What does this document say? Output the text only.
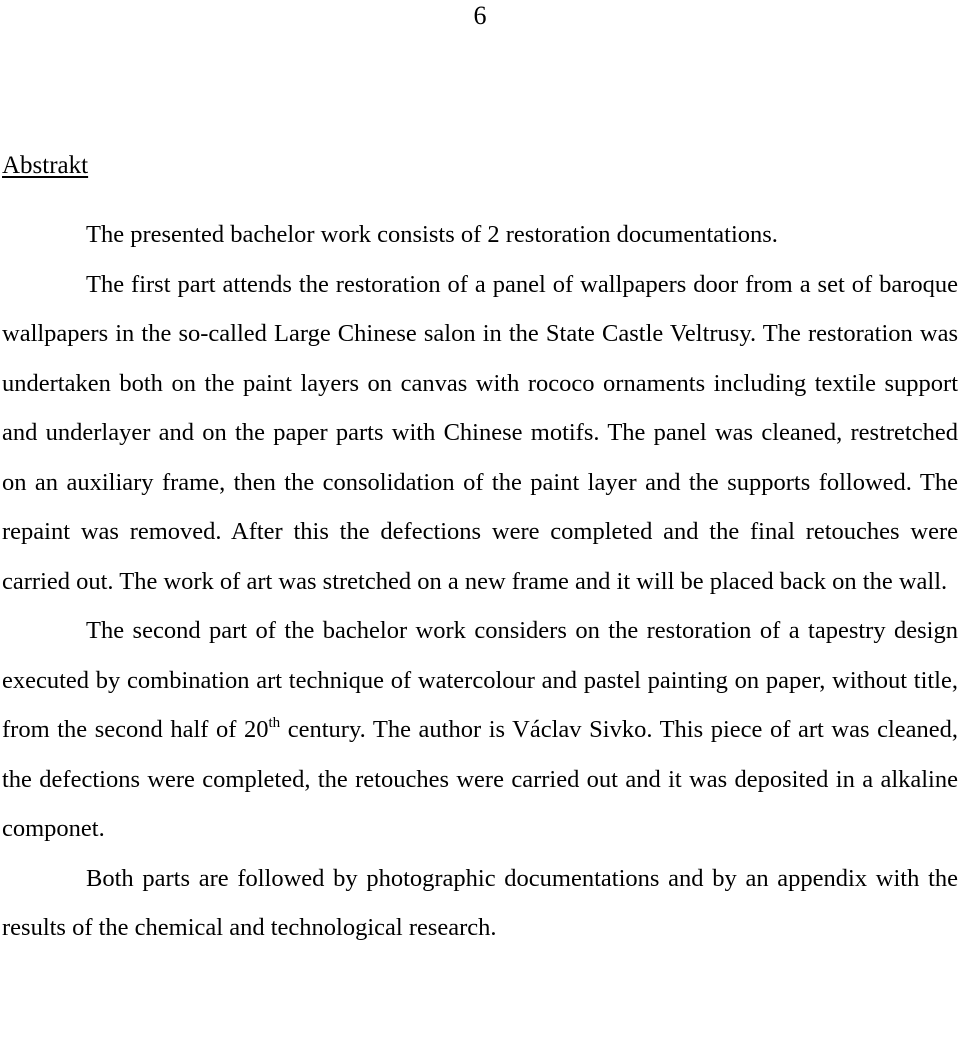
6
Abstrakt

The presented bachelor work consists of 2 restoration documentations.

The first part attends the restoration of a panel of wallpapers door from a set of baroque wallpapers in the so-called Large Chinese salon in the State Castle Veltrusy. The restoration was undertaken both on the paint layers on canvas with rococo ornaments including textile support and underlayer and on the paper parts with Chinese motifs. The panel was cleaned, restretched on an auxiliary frame, then the consolidation of the paint layer and the supports followed. The repaint was removed. After this the defections were completed and the final retouches were carried out. The work of art was stretched on a new frame and it will be placed back on the wall.

The second part of the bachelor work considers on the restoration of a tapestry design executed by combination art technique of watercolour and pastel painting on paper, without title, from the second half of 20th century. The author is Václav Sivko. This piece of art was cleaned, the defections were completed, the retouches were carried out and it was deposited in a alkaline componet.

Both parts are followed by photographic documentations and by an appendix with the results of the chemical and technological research.
